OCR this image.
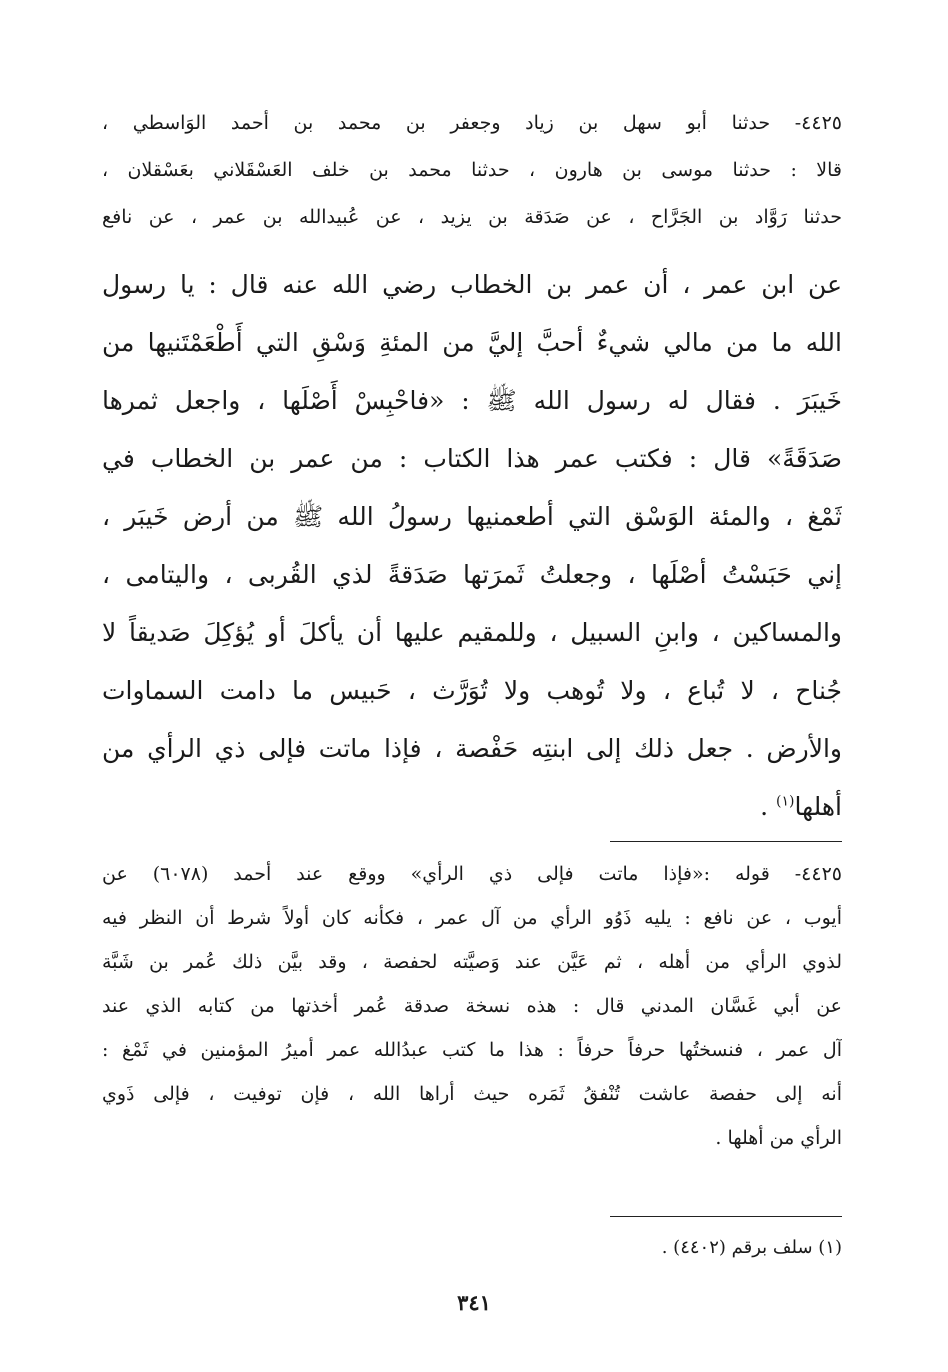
٤٤٢٥- حدثنا أبو سهل بن زياد وجعفر بن محمد بن أحمد الوَاسطي ،
قالا : حدثنا موسى بن هارون ، حدثنا محمد بن خلف العَسْقَلاني بعَسْقلان ،
حدثنا رَوَّاد بن الجَرَّاح ، عن صَدَقة بن يزيد ، عن عُبيدالله بن عمر ، عن نافع
عن ابن عمر ، أن عمر بن الخطاب رضي الله عنه قال : يا رسول
الله ما من مالي شيءٌ أحبَّ إليَّ من المئةِ وَسْقِ التي أَطْعَمْتَنيها من
خَيبَرَ . فقال له رسول الله ﷺ : «فاحْبِسْ أَصْلَها ، واجعل ثمرها
صَدَقَةً» قال : فكتب عمر هذا الكتاب : من عمر بن الخطاب في
ثَمْغ ، والمئة الوَسْق التي أطعمنيها رسولُ الله ﷺ من أرض خَيبَر ،
إني حَبَسْتُ أصْلَها ، وجعلتُ ثَمرَتها صَدَقةً لذي القُربى ، واليتامى ،
والمساكين ، وابنِ السبيل ، وللمقيم عليها أن يأكلَ أو يُؤكِلَ صَديقاً لا
جُناح ، لا تُباع ، ولا تُوهب ولا تُوَرَّث ، حَبيس ما دامت السماوات
والأرض . جعل ذلك إلى ابنتِه حَفْصة ، فإذا ماتت فإلى ذي الرأي من
أهلها$^{(١)}$ .
٤٤٢٥- قوله :«فإذا ماتت فإلى ذي الرأي» ووقع عند أحمد (٦٠٧٨) عن
أيوب ، عن نافع : يليه ذَوُو الرأي من آل عمر ، فكأنه كان أولاً شرط أن النظر فيه
لذوي الرأي من أهله ، ثم عَيَّن عند وَصيَّته لحفصة ، وقد بيَّن ذلك عُمر بن شَبَّة
عن أبي غَسَّان المدني قال : هذه نسخة صدقة عُمر أخذتها من كتابه الذي عند
آل عمر ، فنسختُها حرفاً حرفاً : هذا ما كتب عبدُالله عمر أميرُ المؤمنين في ثَمْغ :
أنه إلى حفصة عاشت تُنْفقُ ثَمَره حيث أراها الله ، فإن توفيت ، فإلى ذَوي
الرأي من أهلها .
(١) سلف برقم (٤٤٠٢) .
٣٤١
